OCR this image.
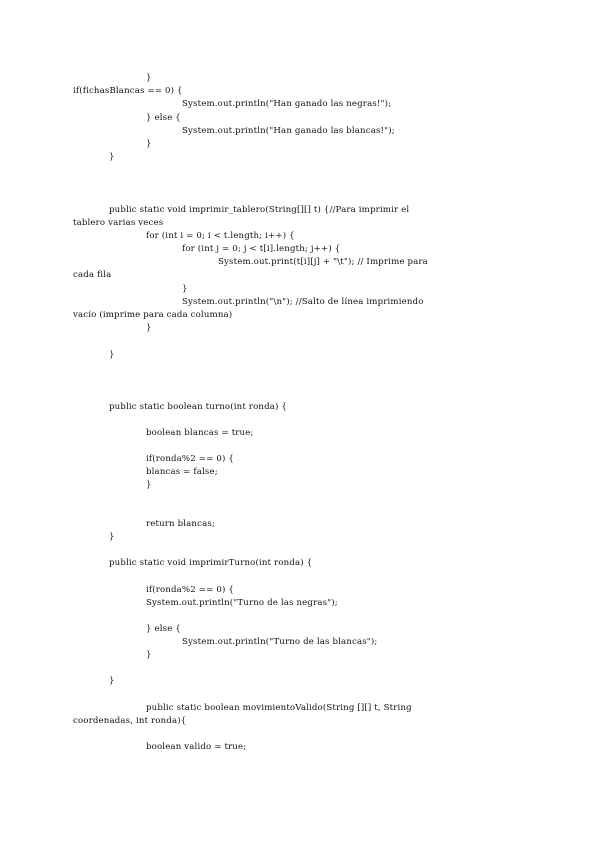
}
if(fichasBlancas == 0) {
System.out.println("Han ganado las negras!");
} else {
System.out.println("Han ganado las blancas!");
}
}
public static void imprimir_tablero(String[][] t) {//Para imprimir el
tablero varias veces
for (int i = 0; i < t.length; i++) {
for (int j = 0; j < t[i].length; j++) {
System.out.print(t[i][j] + "\t"); // Imprime para
cada fila
}
System.out.println("\n"); //Salto de línea imprimiendo
vacío (imprime para cada columna)
}
}
public static boolean turno(int ronda) {
boolean blancas = true;
if(ronda%2 == 0) {
blancas = false;
}
return blancas;
}
public static void imprimirTurno(int ronda) {
if(ronda%2 == 0) {
System.out.println("Turno de las negras");
} else {
System.out.println("Turno de las blancas");
}
}
public static boolean movimientoValido(String [][] t, String
coordenadas, int ronda){
boolean valido = true;
